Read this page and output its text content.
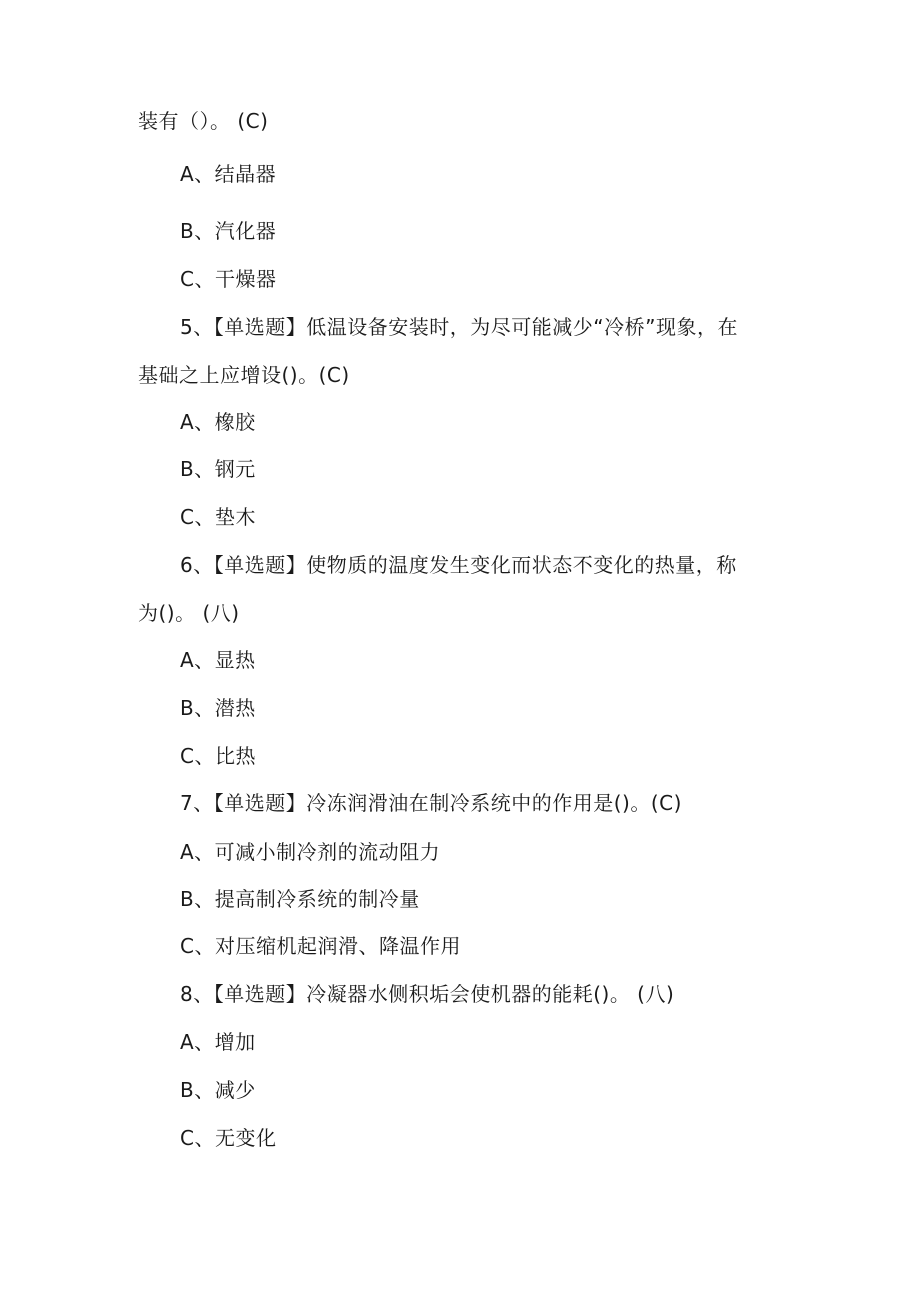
装有（）。 (C)
A、结晶器
B、汽化器
C、干燥器
5、【单选题】低温设备安装时，为尽可能减少“冷桥”现象，在
基础之上应增设()。(C)
A、橡胶
B、钢元
C、垫木
6、【单选题】使物质的温度发生变化而状态不变化的热量，称
为()。 (八)
A、显热
B、潜热
C、比热
7、【单选题】冷冻润滑油在制冷系统中的作用是()。(C)
A、可减小制冷剂的流动阻力
B、提高制冷系统的制冷量
C、对压缩机起润滑、降温作用
8、【单选题】冷凝器水侧积垢会使机器的能耗()。 (八)
A、增加
B、减少
C、无变化
